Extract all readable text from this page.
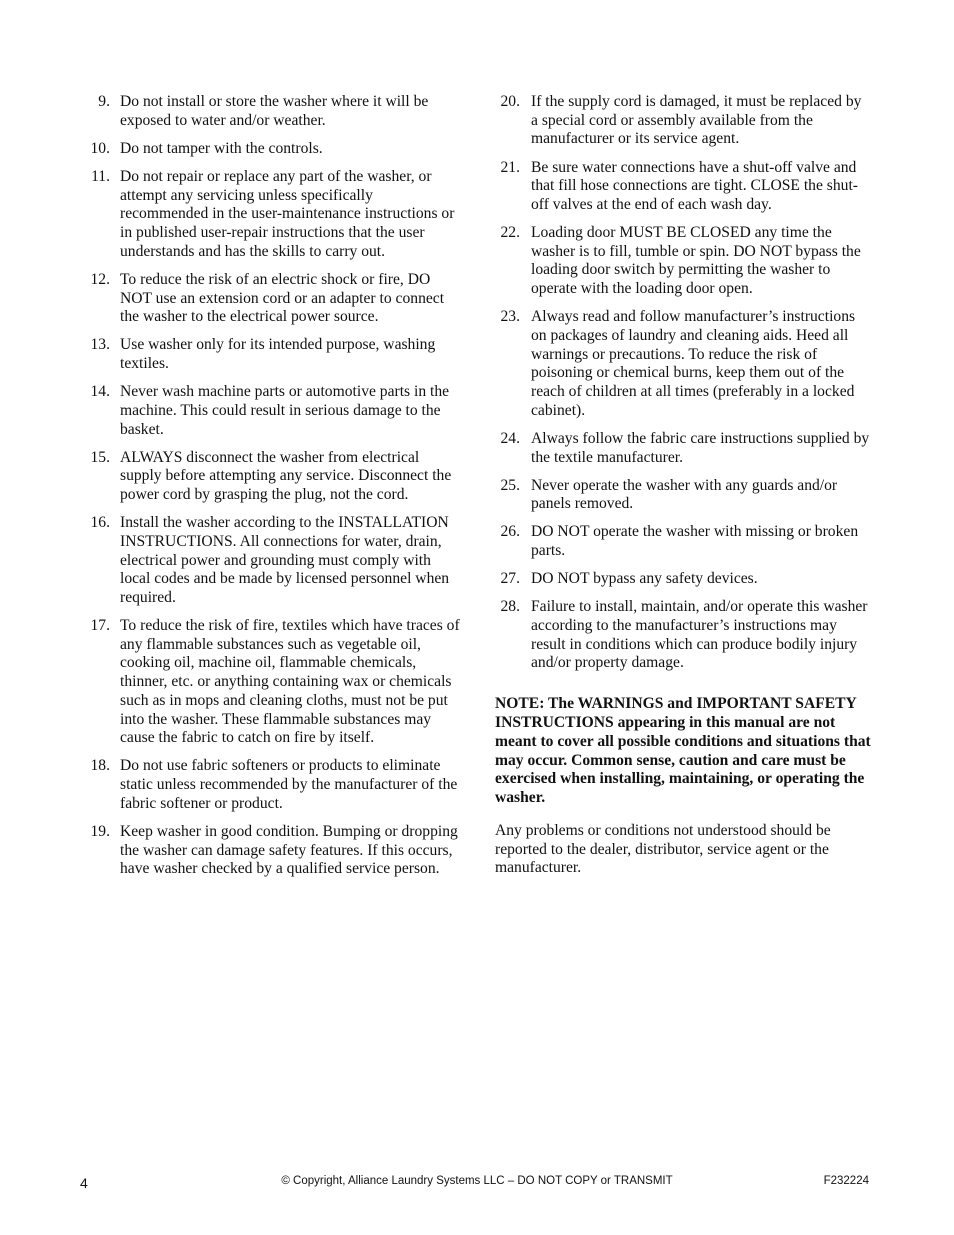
9. Do not install or store the washer where it will be exposed to water and/or weather.
10. Do not tamper with the controls.
11. Do not repair or replace any part of the washer, or attempt any servicing unless specifically recommended in the user-maintenance instructions or in published user-repair instructions that the user understands and has the skills to carry out.
12. To reduce the risk of an electric shock or fire, DO NOT use an extension cord or an adapter to connect the washer to the electrical power source.
13. Use washer only for its intended purpose, washing textiles.
14. Never wash machine parts or automotive parts in the machine. This could result in serious damage to the basket.
15. ALWAYS disconnect the washer from electrical supply before attempting any service. Disconnect the power cord by grasping the plug, not the cord.
16. Install the washer according to the INSTALLATION INSTRUCTIONS. All connections for water, drain, electrical power and grounding must comply with local codes and be made by licensed personnel when required.
17. To reduce the risk of fire, textiles which have traces of any flammable substances such as vegetable oil, cooking oil, machine oil, flammable chemicals, thinner, etc. or anything containing wax or chemicals such as in mops and cleaning cloths, must not be put into the washer. These flammable substances may cause the fabric to catch on fire by itself.
18. Do not use fabric softeners or products to eliminate static unless recommended by the manufacturer of the fabric softener or product.
19. Keep washer in good condition. Bumping or dropping the washer can damage safety features. If this occurs, have washer checked by a qualified service person.
20. If the supply cord is damaged, it must be replaced by a special cord or assembly available from the manufacturer or its service agent.
21. Be sure water connections have a shut-off valve and that fill hose connections are tight. CLOSE the shut-off valves at the end of each wash day.
22. Loading door MUST BE CLOSED any time the washer is to fill, tumble or spin. DO NOT bypass the loading door switch by permitting the washer to operate with the loading door open.
23. Always read and follow manufacturer’s instructions on packages of laundry and cleaning aids. Heed all warnings or precautions. To reduce the risk of poisoning or chemical burns, keep them out of the reach of children at all times (preferably in a locked cabinet).
24. Always follow the fabric care instructions supplied by the textile manufacturer.
25. Never operate the washer with any guards and/or panels removed.
26. DO NOT operate the washer with missing or broken parts.
27. DO NOT bypass any safety devices.
28. Failure to install, maintain, and/or operate this washer according to the manufacturer’s instructions may result in conditions which can produce bodily injury and/or property damage.

NOTE: The WARNINGS and IMPORTANT SAFETY INSTRUCTIONS appearing in this manual are not meant to cover all possible conditions and situations that may occur. Common sense, caution and care must be exercised when installing, maintaining, or operating the washer.

Any problems or conditions not understood should be reported to the dealer, distributor, service agent or the manufacturer.

4	© Copyright, Alliance Laundry Systems LLC – DO NOT COPY or TRANSMIT	F232224
